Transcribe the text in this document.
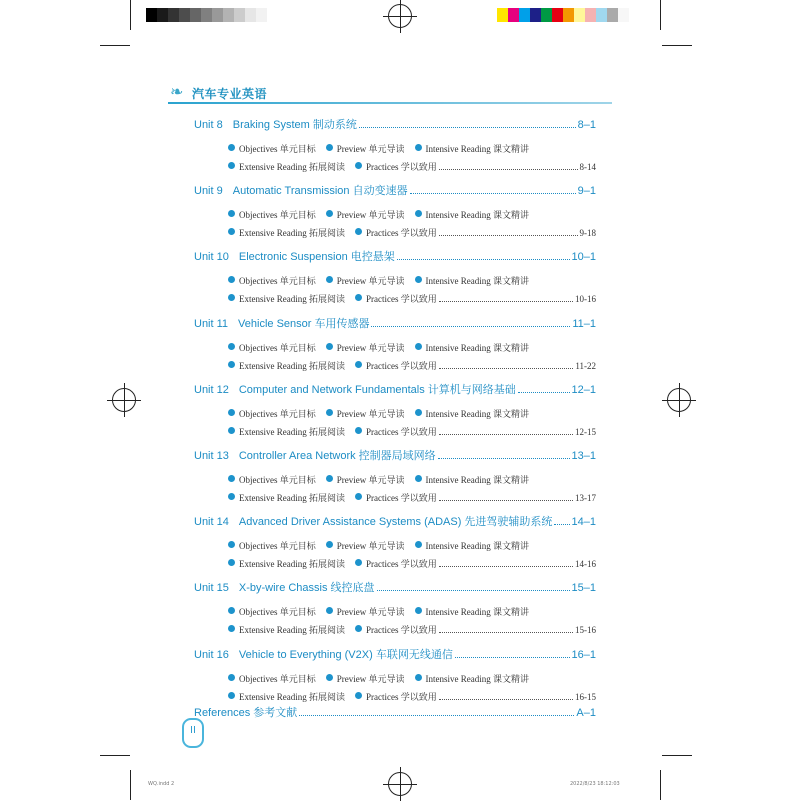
❧ 汽车专业英语
Unit 8 Braking System 制动系统	8–1
Objectives 单元目标 Preview 单元导读 Intensive Reading 课文精讲
Extensive Reading 拓展阅读 Practices 学以致用	8-14
Unit 9 Automatic Transmission 自动变速器	9–1
Objectives 单元目标 Preview 单元导读 Intensive Reading 课文精讲
Extensive Reading 拓展阅读 Practices 学以致用	9-18
Unit 10 Electronic Suspension 电控悬架	10–1
Objectives 单元目标 Preview 单元导读 Intensive Reading 课文精讲
Extensive Reading 拓展阅读 Practices 学以致用	10-16
Unit 11 Vehicle Sensor 车用传感器	11–1
Objectives 单元目标 Preview 单元导读 Intensive Reading 课文精讲
Extensive Reading 拓展阅读 Practices 学以致用	11-22
Unit 12 Computer and Network Fundamentals 计算机与网络基础	12–1
Objectives 单元目标 Preview 单元导读 Intensive Reading 课文精讲
Extensive Reading 拓展阅读 Practices 学以致用	12-15
Unit 13 Controller Area Network 控制器局域网络	13–1
Objectives 单元目标 Preview 单元导读 Intensive Reading 课文精讲
Extensive Reading 拓展阅读 Practices 学以致用	13-17
Unit 14 Advanced Driver Assistance Systems (ADAS) 先进驾驶辅助系统 14–1
Objectives 单元目标 Preview 单元导读 Intensive Reading 课文精讲
Extensive Reading 拓展阅读 Practices 学以致用	14-16
Unit 15 X-by-wire Chassis 线控底盘	15–1
Objectives 单元目标 Preview 单元导读 Intensive Reading 课文精讲
Extensive Reading 拓展阅读 Practices 学以致用	15-16
Unit 16 Vehicle to Everything (V2X) 车联网无线通信	16–1
Objectives 单元目标 Preview 单元导读 Intensive Reading 课文精讲
Extensive Reading 拓展阅读 Practices 学以致用	16-15
References 参考文献	A–1
II
WQ.indd 2	2022/8/23 18:12:03
